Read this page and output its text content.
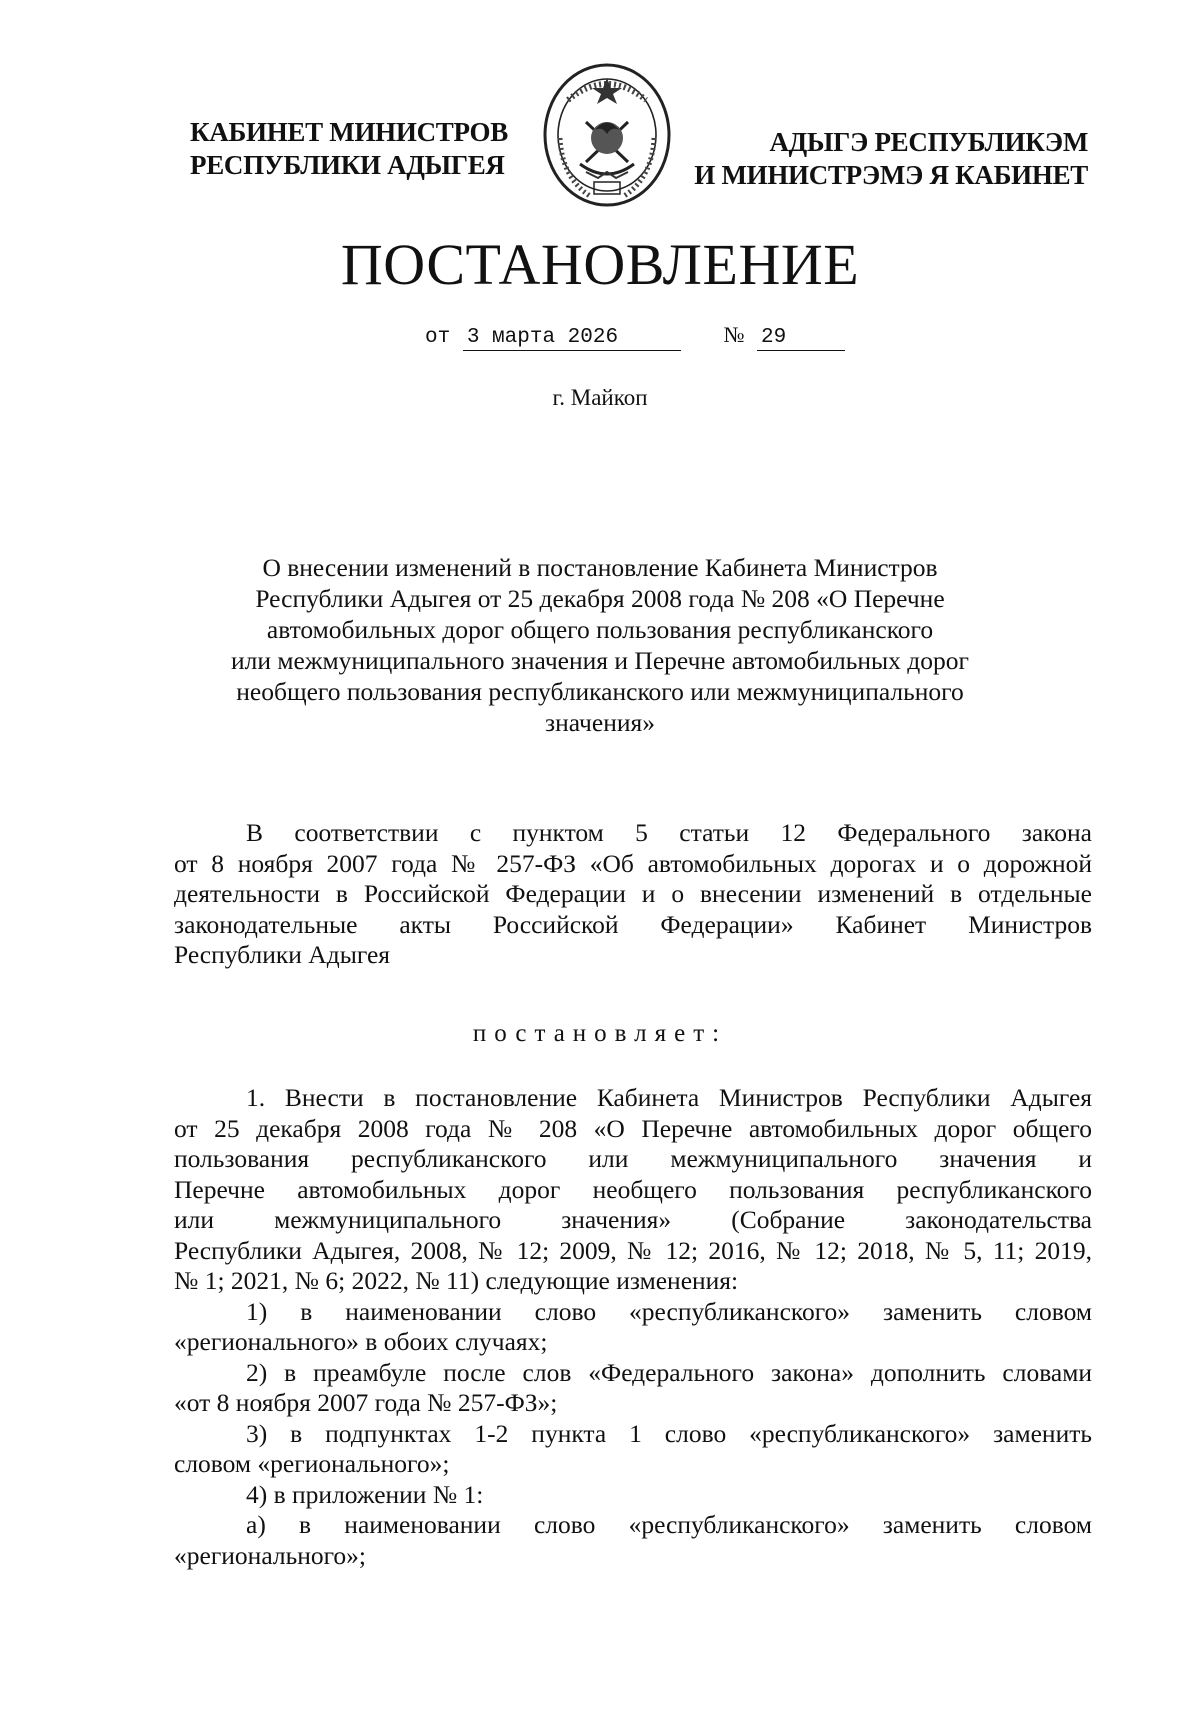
КАБИНЕТ МИНИСТРОВ
РЕСПУБЛИКИ АДЫГЕЯ
АДЫГЭ РЕСПУБЛИКЭМ
И МИНИСТРЭМЭ Я КАБИНЕТ
ПОСТАНОВЛЕНИЕ
от 3 марта 2026	№ 29
г. Майкоп
О внесении изменений в постановление Кабинета Министров
Республики Адыгея от 25 декабря 2008 года № 208 «О Перечне
автомобильных дорог общего пользования республиканского
или межмуниципального значения и Перечне автомобильных дорог
необщего пользования республиканского или межмуниципального
значения»
В соответствии с пунктом 5 статьи 12 Федерального закона
от 8 ноября 2007 года № 257-ФЗ «Об автомобильных дорогах и о дорожной
деятельности в Российской Федерации и о внесении изменений в отдельные
законодательные акты Российской Федерации» Кабинет Министров
Республики Адыгея
постановляет:
1. Внести в постановление Кабинета Министров Республики Адыгея
от 25 декабря 2008 года № 208 «О Перечне автомобильных дорог общего
пользования республиканского или межмуниципального значения и
Перечне автомобильных дорог необщего пользования республиканского
или межмуниципального значения» (Собрание законодательства
Республики Адыгея, 2008, № 12; 2009, № 12; 2016, № 12; 2018, № 5, 11; 2019,
№ 1; 2021, № 6; 2022, № 11) следующие изменения:
1) в наименовании слово «республиканского» заменить словом
«регионального» в обоих случаях;
2) в преамбуле после слов «Федерального закона» дополнить словами
«от 8 ноября 2007 года № 257-ФЗ»;
3) в подпунктах 1-2 пункта 1 слово «республиканского» заменить
словом «регионального»;
4) в приложении № 1:
а) в наименовании слово «республиканского» заменить словом
«регионального»;
